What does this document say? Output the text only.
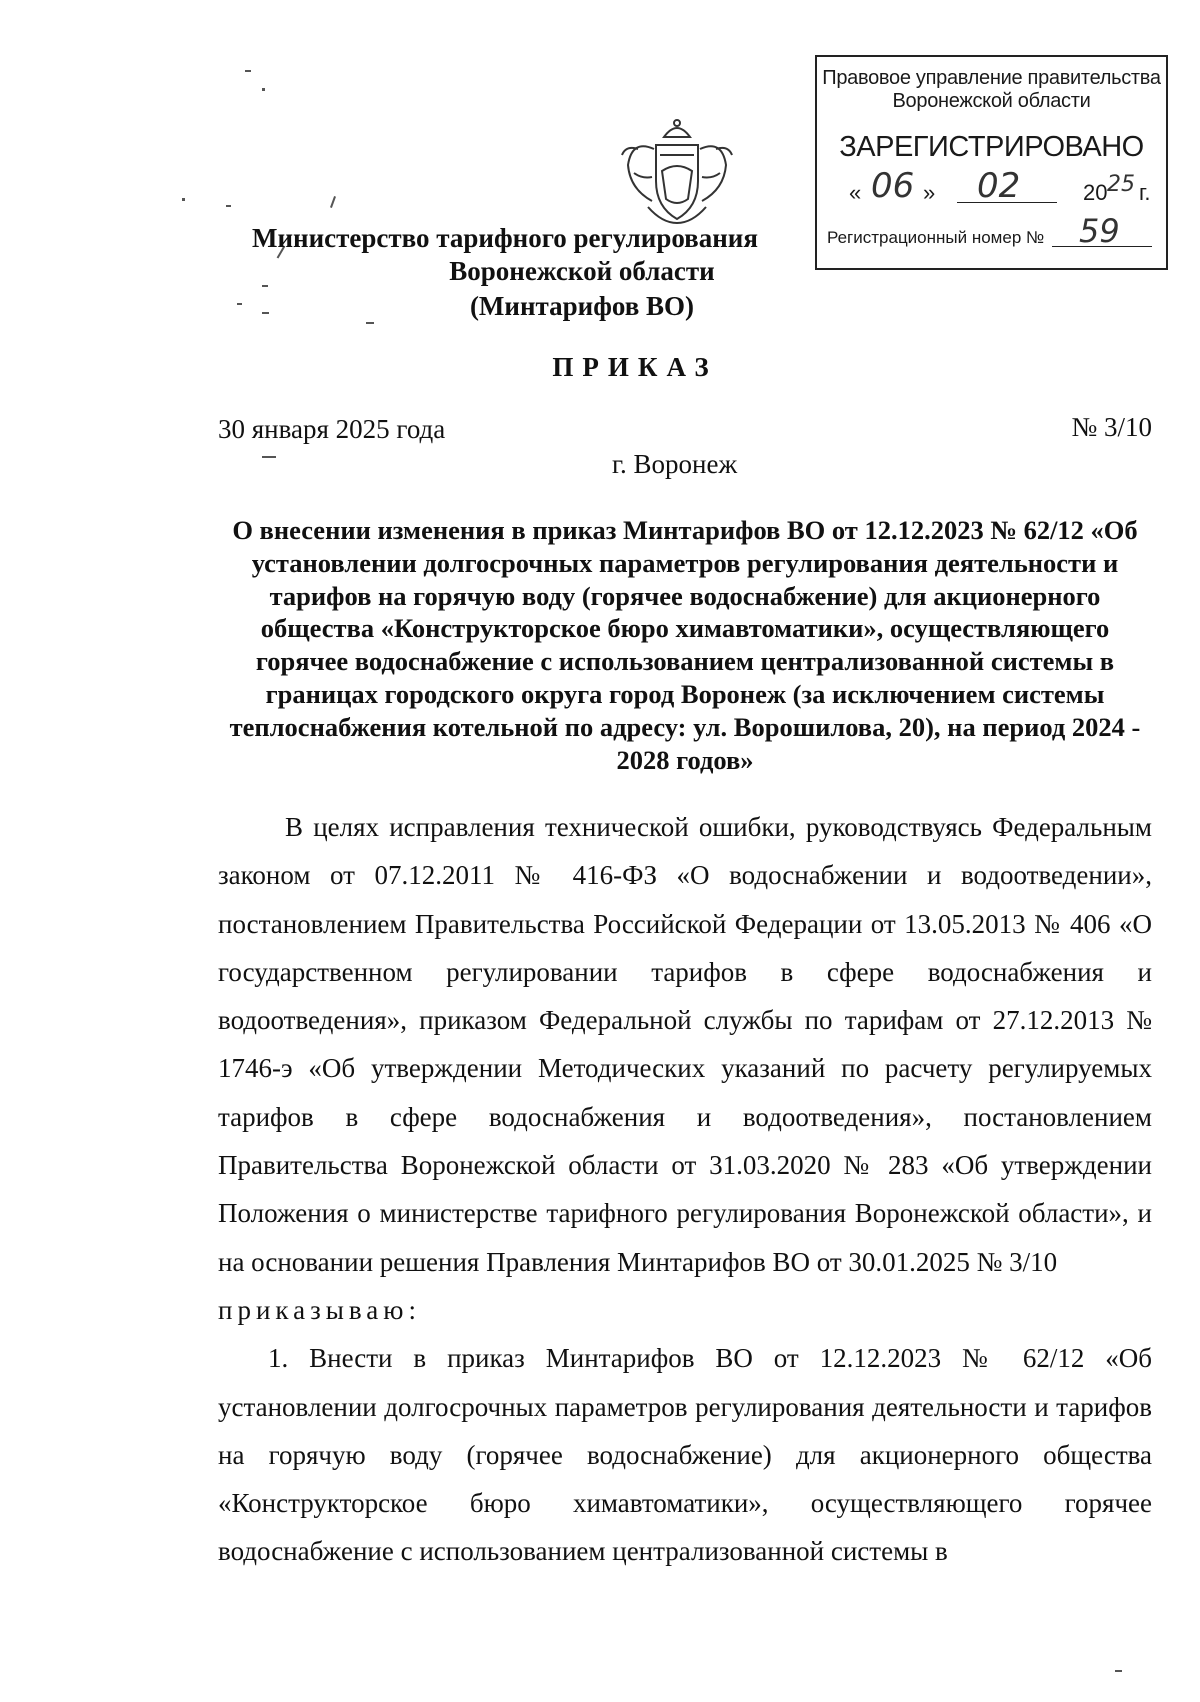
Правовое управление правительства
Воронежской области
ЗАРЕГИСТРИРОВАНО
« 06 » 02	20 25 г.
Регистрационный номер № 59
Министерство тарифного регулирования
Воронежской области
(Минтарифов ВО)
ПРИКАЗ
30 января 2025 года	№ 3/10
г. Воронеж
О внесении изменения в приказ Минтарифов ВО от 12.12.2023 № 62/12 «Об установлении долгосрочных параметров регулирования деятельности и тарифов на горячую воду (горячее водоснабжение) для акционерного общества «Конструкторское бюро химавтоматики», осуществляющего горячее водоснабжение с использованием централизованной системы в границах городского округа город Воронеж (за исключением системы теплоснабжения котельной по адресу: ул. Ворошилова, 20), на период 2024 - 2028 годов»

В целях исправления технической ошибки, руководствуясь Федеральным законом от 07.12.2011 № 416-ФЗ «О водоснабжении и водоотведении», постановлением Правительства Российской Федерации от 13.05.2013 № 406 «О государственном регулировании тарифов в сфере водоснабжения и водоотведения», приказом Федеральной службы по тарифам от 27.12.2013 № 1746-э «Об утверждении Методических указаний по расчету регулируемых тарифов в сфере водоснабжения и водоотведения», постановлением Правительства Воронежской области от 31.03.2020 № 283 «Об утверждении Положения о министерстве тарифного регулирования Воронежской области», и на основании решения Правления Минтарифов ВО от 30.01.2025 № 3/10

приказываю:

1. Внести в приказ Минтарифов ВО от 12.12.2023 № 62/12 «Об установлении долгосрочных параметров регулирования деятельности и тарифов на горячую воду (горячее водоснабжение) для акционерного общества «Конструкторское бюро химавтоматики», осуществляющего горячее водоснабжение с использованием централизованной системы в
